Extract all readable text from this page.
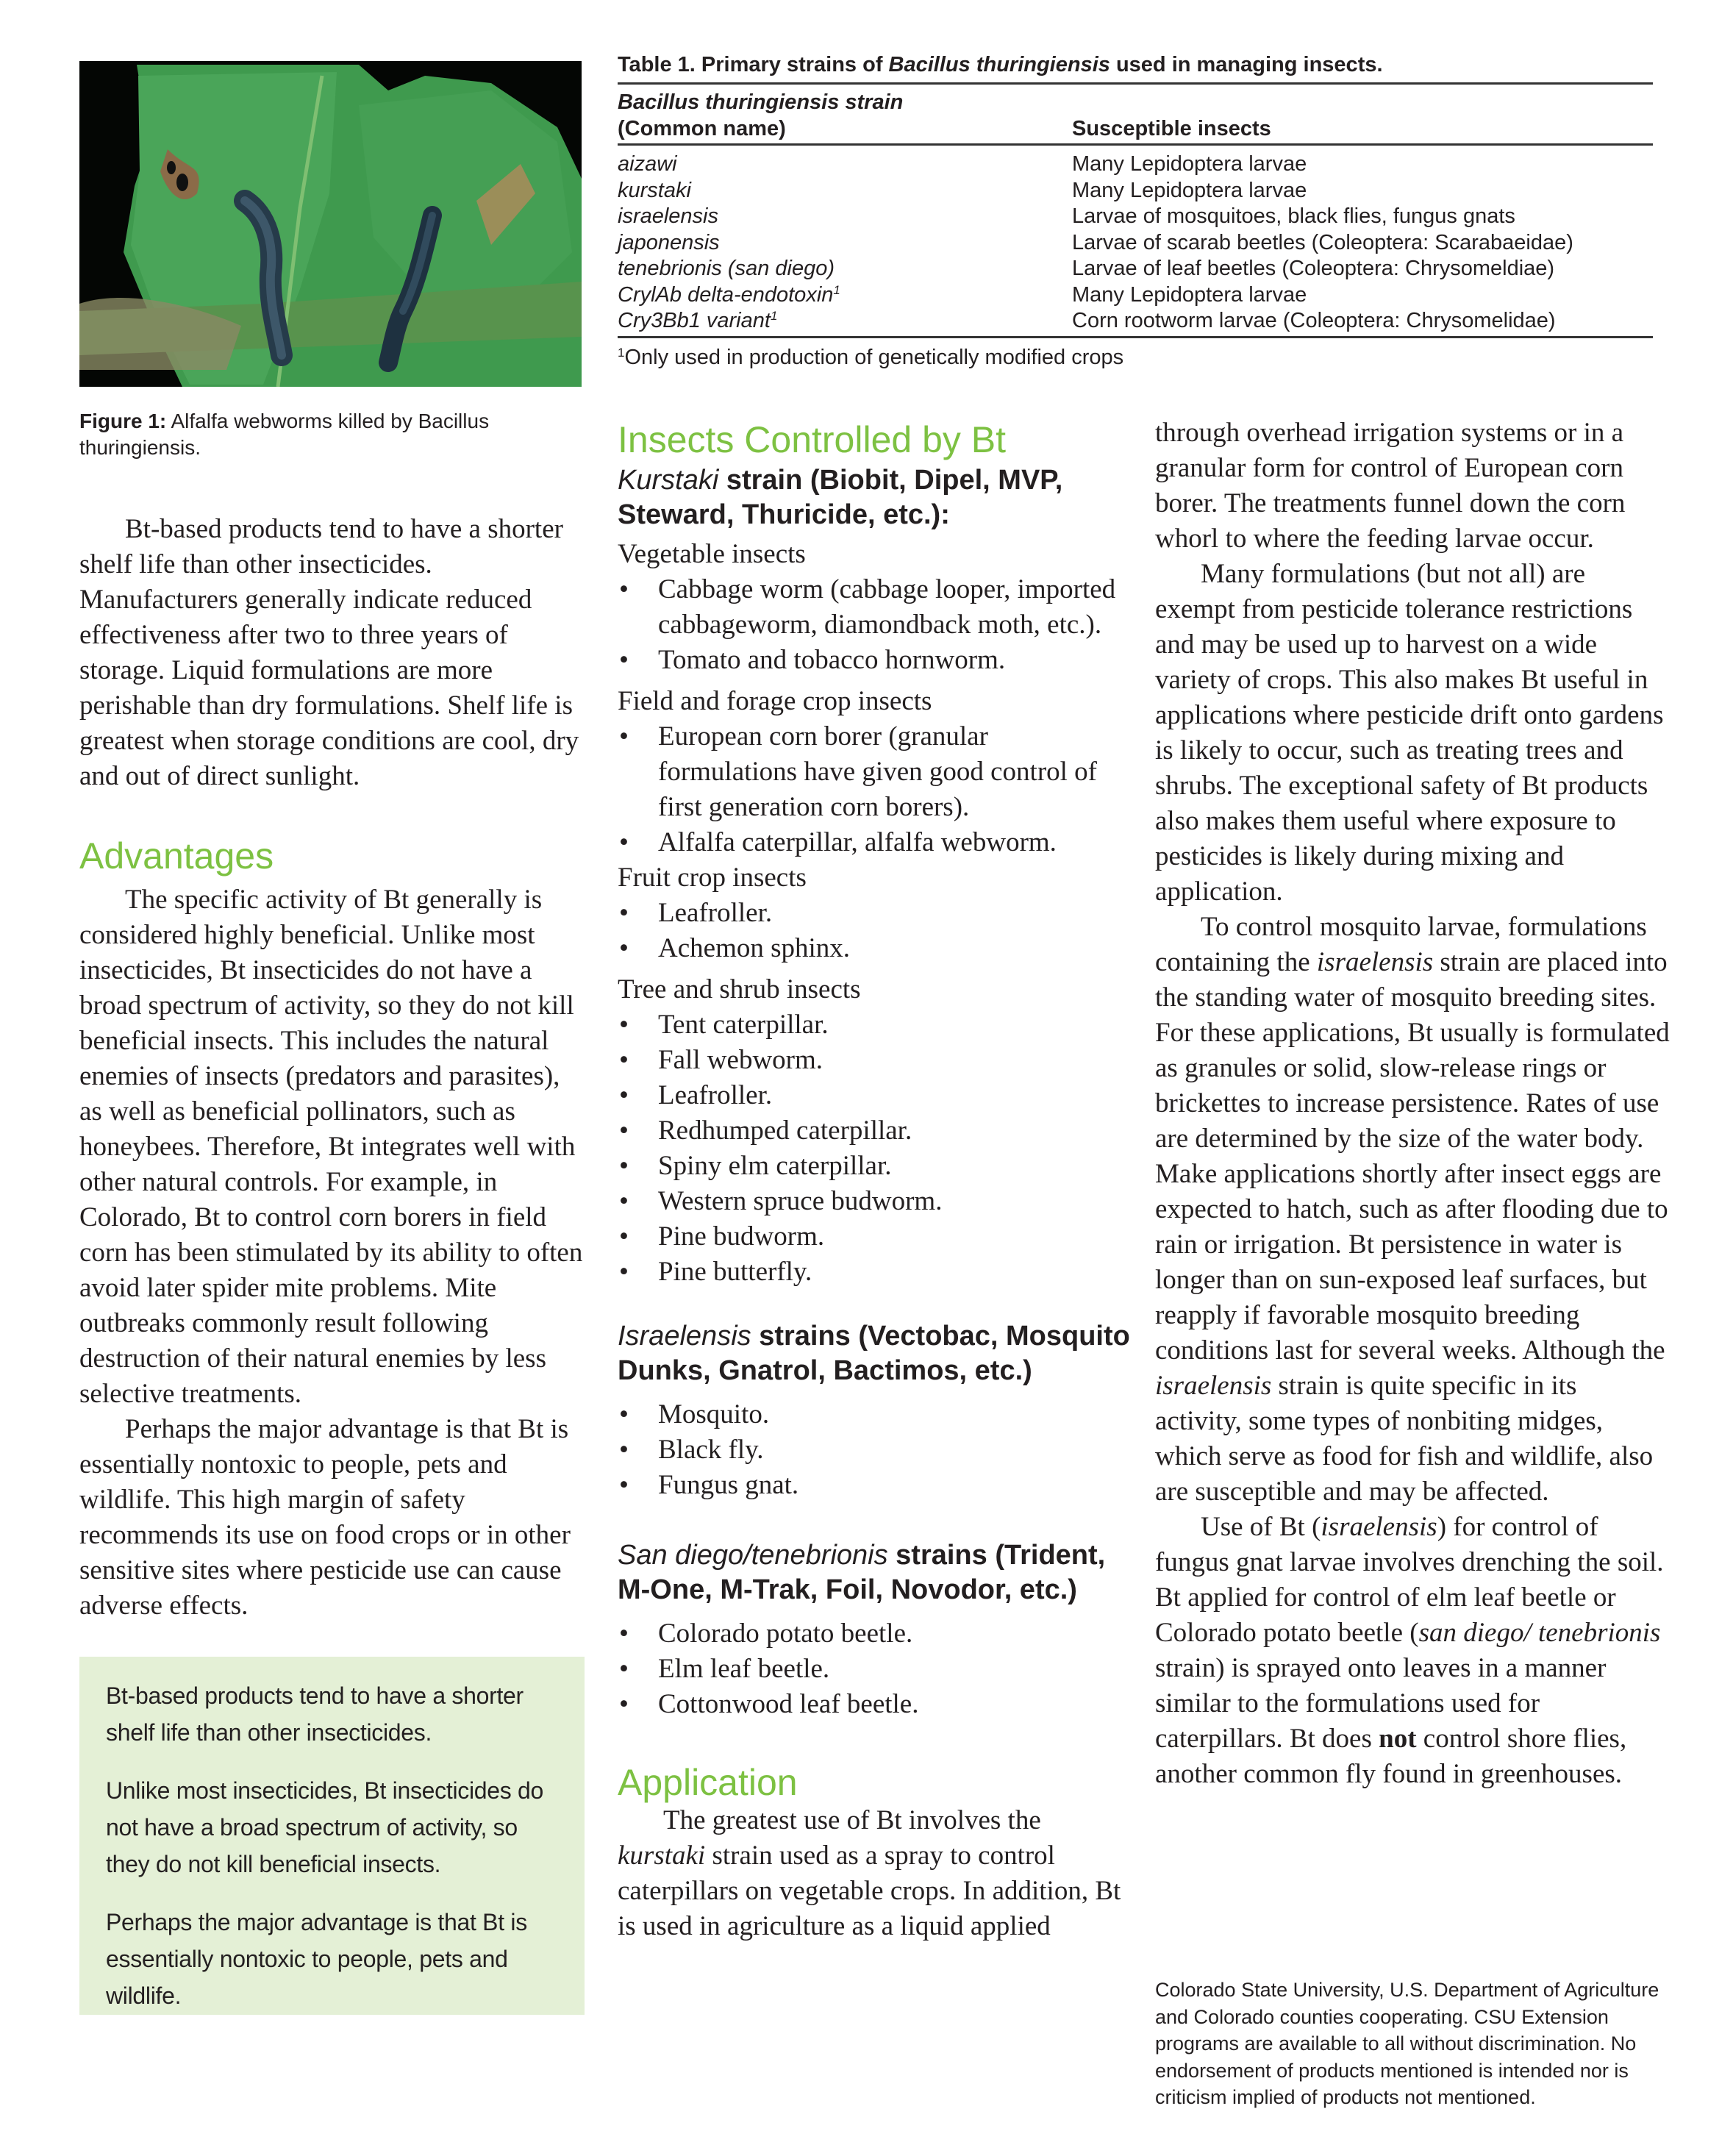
Figure 1: Alfalfa webworms killed by Bacillus thuringiensis.
Table 1. Primary strains of Bacillus thuringiensis used in managing insects.
Bacillus thuringiensis strain
(Common name)
	Susceptible insects
aizawi	Many Lepidoptera larvae
kurstaki	Many Lepidoptera larvae
israelensis	Larvae of mosquitoes, black flies, fungus gnats
japonensis	Larvae of scarab beetles (Coleoptera: Scarabaeidae)
tenebrionis (san diego)	Larvae of leaf beetles (Coleoptera: Chrysomeldiae)
CrylAb delta-endotoxin$^1$	Many Lepidoptera larvae
Cry3Bb1 variant$^1$	Corn rootworm larvae (Coleoptera: Chrysomelidae)
$^1$Only used in production of genetically modified crops

Bt-based products tend to have a shorter shelf life than other insecticides. Manufacturers generally indicate reduced effectiveness after two to three years of storage. Liquid formulations are more perishable than dry formulations. Shelf life is greatest when storage conditions are cool, dry and out of direct sunlight.

Advantages

The specific activity of Bt generally is considered highly beneficial. Unlike most insecticides, Bt insecticides do not have a broad spectrum of activity, so they do not kill beneficial insects. This includes the natural enemies of insects (predators and parasites), as well as beneficial pollinators, such as honeybees. Therefore, Bt integrates well with other natural controls. For example, in Colorado, Bt to control corn borers in field corn has been stimulated by its ability to often avoid later spider mite problems. Mite outbreaks commonly result following destruction of their natural enemies by less selective treatments.

Perhaps the major advantage is that Bt is essentially nontoxic to people, pets and wildlife. This high margin of safety recommends its use on food crops or in other sensitive sites where pesticide use can cause adverse effects.

Bt-based products tend to have a shorter shelf life than other insecticides.

Unlike most insecticides, Bt insecticides do not have a broad spectrum of activity, so they do not kill beneficial insects.

Perhaps the major advantage is that Bt is essentially nontoxic to people, pets and wildlife.

Insects Controlled by Bt

Kurstaki strain (Biobit, Dipel, MVP, Steward, Thuricide, etc.):

Vegetable insects

• Cabbage worm (cabbage looper, imported cabbageworm, diamondback moth, etc.).
• Tomato and tobacco hornworm.

Field and forage crop insects

• European corn borer (granular formulations have given good control of first generation corn borers).
• Alfalfa caterpillar, alfalfa webworm.

Fruit crop insects

• Leafroller.
• Achemon sphinx.

Tree and shrub insects

• Tent caterpillar.
• Fall webworm.
• Leafroller.
• Redhumped caterpillar.
• Spiny elm caterpillar.
• Western spruce budworm.
• Pine budworm.
• Pine butterfly.

Israelensis strains (Vectobac, Mosquito Dunks, Gnatrol, Bactimos, etc.)

• Mosquito.
• Black fly.
• Fungus gnat.

San diego/tenebrionis strains (Trident, M-One, M-Trak, Foil, Novodor, etc.)

• Colorado potato beetle.
• Elm leaf beetle.
• Cottonwood leaf beetle.
Application

The greatest use of Bt involves the kurstaki strain used as a spray to control caterpillars on vegetable crops. In addition, Bt is used in agriculture as a liquid applied

through overhead irrigation systems or in a granular form for control of European corn borer. The treatments funnel down the corn whorl to where the feeding larvae occur.

Many formulations (but not all) are exempt from pesticide tolerance restrictions and may be used up to harvest on a wide variety of crops. This also makes Bt useful in applications where pesticide drift onto gardens is likely to occur, such as treating trees and shrubs. The exceptional safety of Bt products also makes them useful where exposure to pesticides is likely during mixing and application.

To control mosquito larvae, formulations containing the israelensis strain are placed into the standing water of mosquito breeding sites. For these applications, Bt usually is formulated as granules or solid, slow-release rings or brickettes to increase persistence. Rates of use are determined by the size of the water body. Make applications shortly after insect eggs are expected to hatch, such as after flooding due to rain or irrigation. Bt persistence in water is longer than on sun-exposed leaf surfaces, but reapply if favorable mosquito breeding conditions last for several weeks. Although the israelensis strain is quite specific in its activity, some types of nonbiting midges, which serve as food for fish and wildlife, also are susceptible and may be affected.

Use of Bt (israelensis) for control of fungus gnat larvae involves drenching the soil. Bt applied for control of elm leaf beetle or Colorado potato beetle (san diego/ tenebrionis strain) is sprayed onto leaves in a manner similar to the formulations used for caterpillars. Bt does not control shore flies, another common fly found in greenhouses.

Colorado State University, U.S. Department of Agriculture and Colorado counties cooperating. CSU Extension programs are available to all without discrimination. No endorsement of products mentioned is intended nor is criticism implied of products not mentioned.
